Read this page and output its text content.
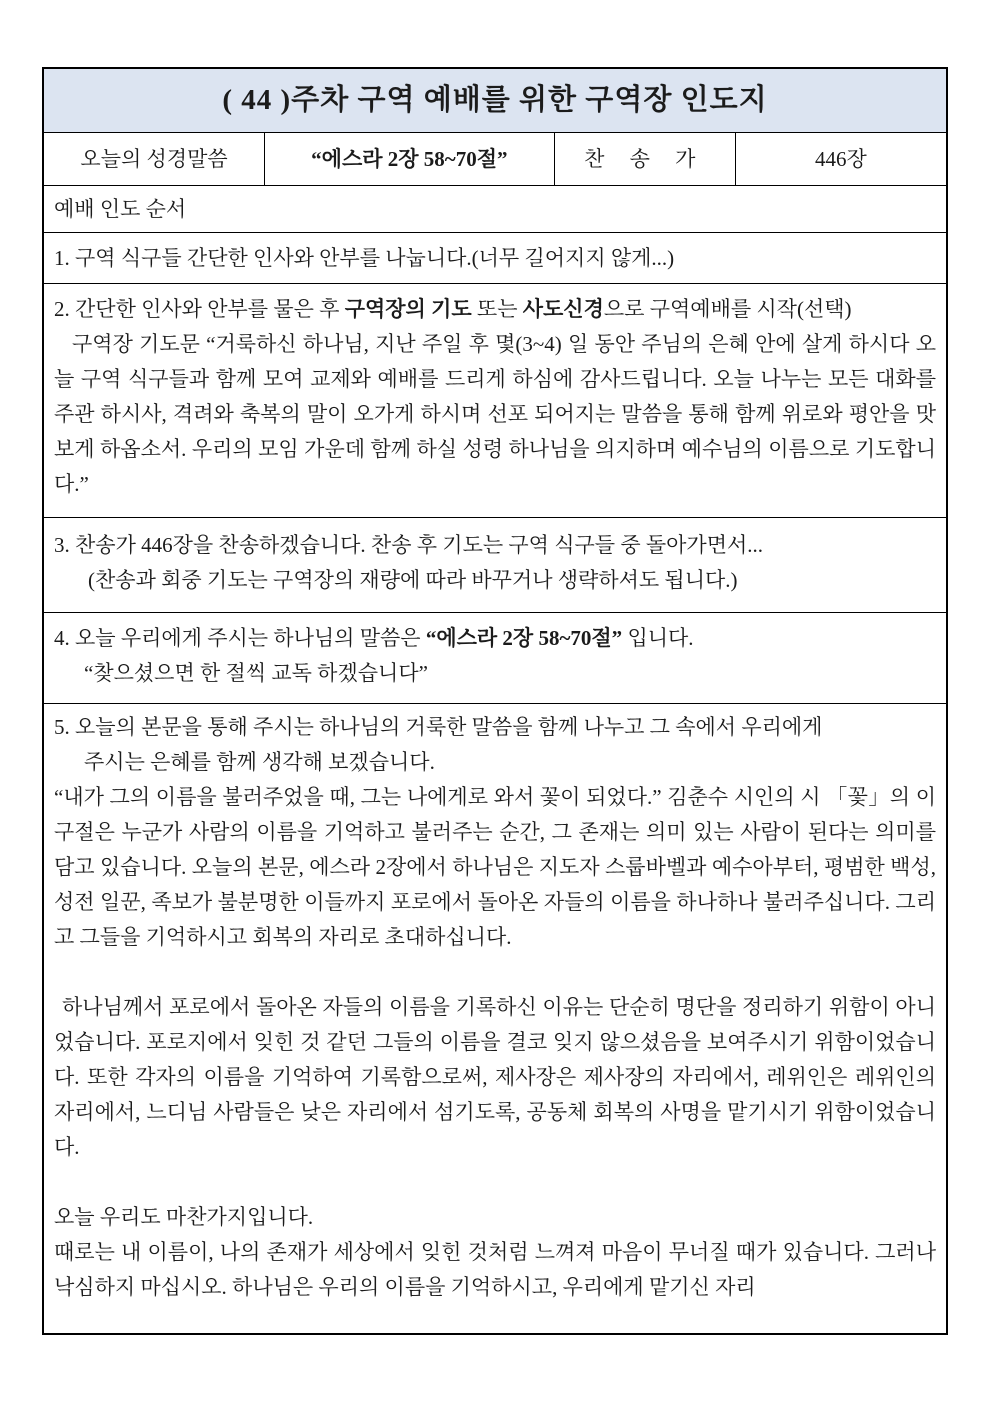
( 44 )주차 구역 예배를 위한 구역장 인도지
오늘의 성경말씀	“에스라 2장 58~70절”	찬 송 가	446장
예배 인도 순서
1. 구역 식구들 간단한 인사와 안부를 나눕니다.(너무 길어지지 않게...)
2. 간단한 인사와 안부를 물은 후 구역장의 기도 또는 사도신경으로 구역예배를 시작(선택)
구역장 기도문 “거룩하신 하나님, 지난 주일 후 몇(3~4) 일 동안 주님의 은혜 안에 살게 하시다 오늘 구역 식구들과 함께 모여 교제와 예배를 드리게 하심에 감사드립니다. 오늘 나누는 모든 대화를 주관 하시사, 격려와 축복의 말이 오가게 하시며 선포 되어지는 말씀을 통해 함께 위로와 평안을 맛보게 하옵소서. 우리의 모임 가운데 함께 하실 성령 하나님을 의지하며 예수님의 이름으로 기도합니다.”
3. 찬송가 446장을 찬송하겠습니다. 찬송 후 기도는 구역 식구들 중 돌아가면서...
(찬송과 회중 기도는 구역장의 재량에 따라 바꾸거나 생략하셔도 됩니다.)
4. 오늘 우리에게 주시는 하나님의 말씀은 “에스라 2장 58~70절” 입니다.
“찾으셨으면 한 절씩 교독 하겠습니다”
5. 오늘의 본문을 통해 주시는 하나님의 거룩한 말씀을 함께 나누고 그 속에서 우리에게
주시는 은혜를 함께 생각해 보겠습니다.
“내가 그의 이름을 불러주었을 때, 그는 나에게로 와서 꽃이 되었다.” 김춘수 시인의 시 「꽃」의 이 구절은 누군가 사람의 이름을 기억하고 불러주는 순간, 그 존재는 의미 있는 사람이 된다는 의미를 담고 있습니다. 오늘의 본문, 에스라 2장에서 하나님은 지도자 스룹바벨과 예수아부터, 평범한 백성, 성전 일꾼, 족보가 불분명한 이들까지 포로에서 돌아온 자들의 이름을 하나하나 불러주십니다. 그리고 그들을 기억하시고 회복의 자리로 초대하십니다.
하나님께서 포로에서 돌아온 자들의 이름을 기록하신 이유는 단순히 명단을 정리하기 위함이 아니었습니다. 포로지에서 잊힌 것 같던 그들의 이름을 결코 잊지 않으셨음을 보여주시기 위함이었습니다. 또한 각자의 이름을 기억하여 기록함으로써, 제사장은 제사장의 자리에서, 레위인은 레위인의 자리에서, 느디님 사람들은 낮은 자리에서 섬기도록, 공동체 회복의 사명을 맡기시기 위함이었습니다.
오늘 우리도 마찬가지입니다.
때로는 내 이름이, 나의 존재가 세상에서 잊힌 것처럼 느껴져 마음이 무너질 때가 있습니다. 그러나 낙심하지 마십시오. 하나님은 우리의 이름을 기억하시고, 우리에게 맡기신 자리
